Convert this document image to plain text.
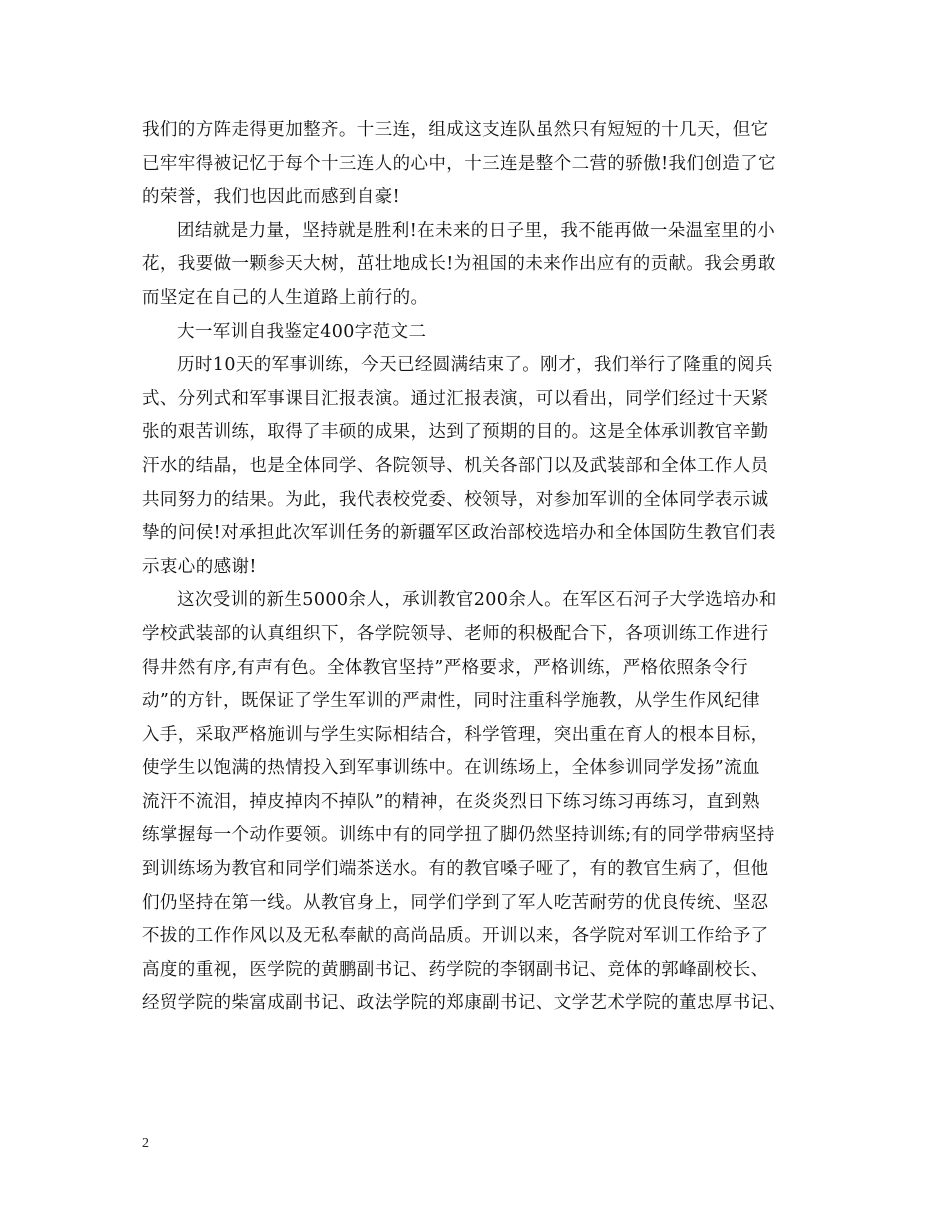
我们的方阵走得更加整齐。十三连，组成这支连队虽然只有短短的十几天，但它
已牢牢得被记忆于每个十三连人的心中，十三连是整个二营的骄傲!我们创造了它
的荣誉，我们也因此而感到自豪!
团结就是力量，坚持就是胜利!在未来的日子里，我不能再做一朵温室里的小
花，我要做一颗参天大树，茁壮地成长!为祖国的未来作出应有的贡献。我会勇敢
而坚定在自己的人生道路上前行的。
大一军训自我鉴定400字范文二
历时10天的军事训练，今天已经圆满结束了。刚才，我们举行了隆重的阅兵
式、分列式和军事课目汇报表演。通过汇报表演，可以看出，同学们经过十天紧
张的艰苦训练，取得了丰硕的成果，达到了预期的目的。这是全体承训教官辛勤
汗水的结晶，也是全体同学、各院领导、机关各部门以及武装部和全体工作人员
共同努力的结果。为此，我代表校党委、校领导，对参加军训的全体同学表示诚
挚的问侯!对承担此次军训任务的新疆军区政治部校选培办和全体国防生教官们表
示衷心的感谢!
这次受训的新生5000余人，承训教官200余人。在军区石河子大学选培办和
学校武装部的认真组织下，各学院领导、老师的积极配合下，各项训练工作进行
得井然有序,有声有色。全体教官坚持”严格要求，严格训练，严格依照条令行
动”的方针，既保证了学生军训的严肃性，同时注重科学施教，从学生作风纪律
入手，采取严格施训与学生实际相结合，科学管理，突出重在育人的根本目标，
使学生以饱满的热情投入到军事训练中。在训练场上，全体参训同学发扬”流血
流汗不流泪，掉皮掉肉不掉队”的精神，在炎炎烈日下练习练习再练习，直到熟
练掌握每一个动作要领。训练中有的同学扭了脚仍然坚持训练;有的同学带病坚持
到训练场为教官和同学们端茶送水。有的教官嗓子哑了，有的教官生病了，但他
们仍坚持在第一线。从教官身上，同学们学到了军人吃苦耐劳的优良传统、坚忍
不拔的工作作风以及无私奉献的高尚品质。开训以来，各学院对军训工作给予了
高度的重视，医学院的黄鹏副书记、药学院的李钢副书记、竞体的郭峰副校长、
经贸学院的柴富成副书记、政法学院的郑康副书记、文学艺术学院的董忠厚书记、
2
